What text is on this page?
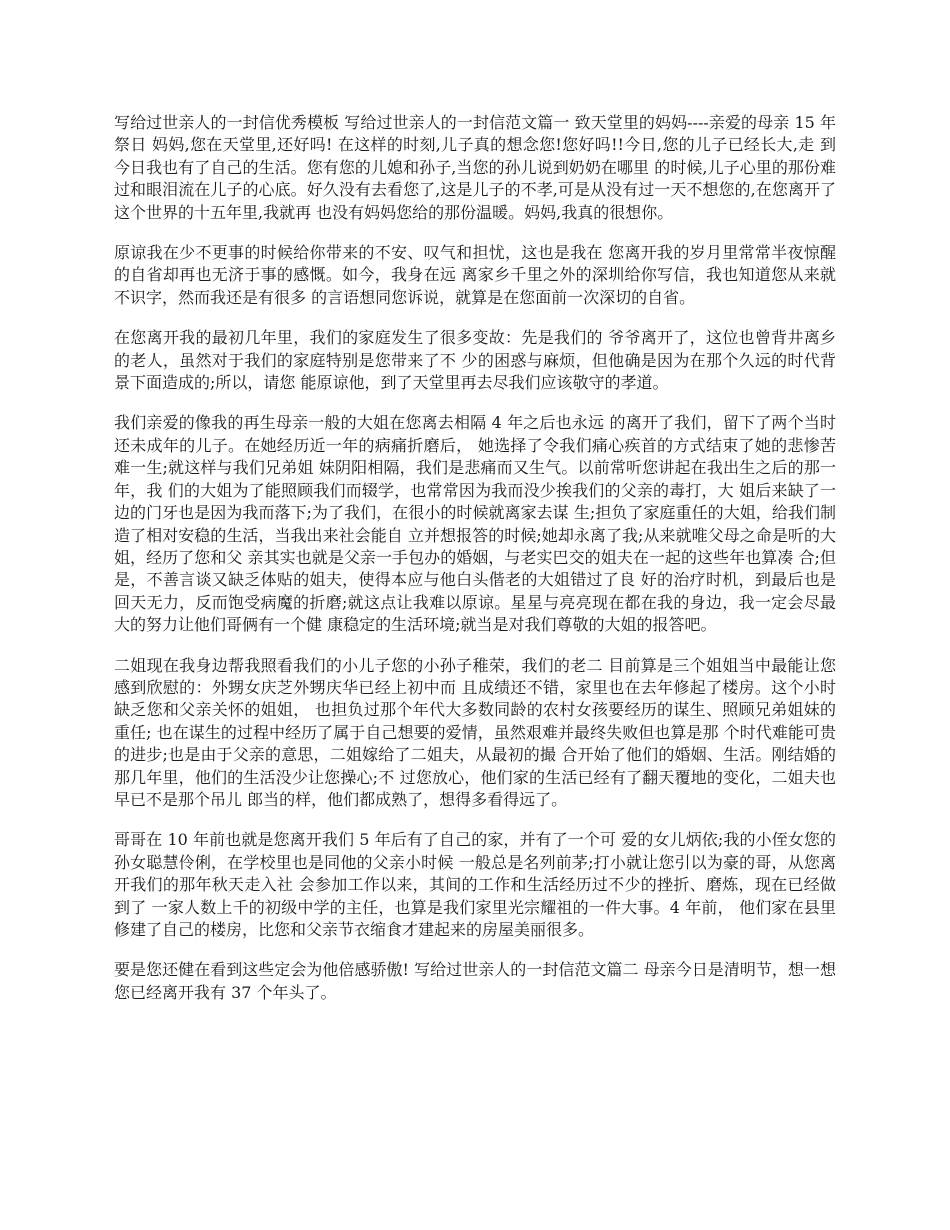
写给过世亲人的一封信优秀模板 写给过世亲人的一封信范文篇一 致天堂里的妈妈----亲爱的母亲 15 年祭日 妈妈,您在天堂里,还好吗! 在这样的时刻,儿子真的想念您!您好吗!!今日,您的儿子已经长大,走 到今日我也有了自己的生活。您有您的儿媳和孙子,当您的孙儿说到奶奶在哪里 的时候,儿子心里的那份难过和眼泪流在儿子的心底。好久没有去看您了,这是儿子的不孝,可是从没有过一天不想您的,在您离开了这个世界的十五年里,我就再 也没有妈妈您给的那份温暖。妈妈,我真的很想你。

原谅我在少不更事的时候给你带来的不安、叹气和担忧，这也是我在 您离开我的岁月里常常半夜惊醒的自省却再也无济于事的感慨。如今，我身在远 离家乡千里之外的深圳给你写信，我也知道您从来就不识字，然而我还是有很多 的言语想同您诉说，就算是在您面前一次深切的自省。

在您离开我的最初几年里，我们的家庭发生了很多变故：先是我们的 爷爷离开了，这位也曾背井离乡的老人，虽然对于我们的家庭特别是您带来了不 少的困惑与麻烦，但他确是因为在那个久远的时代背景下面造成的;所以，请您 能原谅他，到了天堂里再去尽我们应该敬守的孝道。

我们亲爱的像我的再生母亲一般的大姐在您离去相隔 4 年之后也永远 的离开了我们，留下了两个当时还未成年的儿子。在她经历近一年的病痛折磨后， 她选择了令我们痛心疾首的方式结束了她的悲惨苦难一生;就这样与我们兄弟姐 妹阴阳相隔，我们是悲痛而又生气。以前常听您讲起在我出生之后的那一年，我 们的大姐为了能照顾我们而辍学，也常常因为我而没少挨我们的父亲的毒打，大 姐后来缺了一边的门牙也是因为我而落下;为了我们，在很小的时候就离家去谋 生;担负了家庭重任的大姐，给我们制造了相对安稳的生活，当我出来社会能自 立并想报答的时候;她却永离了我;从来就唯父母之命是听的大姐，经历了您和父 亲其实也就是父亲一手包办的婚姻，与老实巴交的姐夫在一起的这些年也算凑 合;但是，不善言谈又缺乏体贴的姐夫，使得本应与他白头偕老的大姐错过了良 好的治疗时机，到最后也是回天无力，反而饱受病魔的折磨;就这点让我难以原谅。星星与亮亮现在都在我的身边，我一定会尽最大的努力让他们哥俩有一个健 康稳定的生活环境;就当是对我们尊敬的大姐的报答吧。

二姐现在我身边帮我照看我们的小儿子您的小孙子稚荣，我们的老二 目前算是三个姐姐当中最能让您感到欣慰的：外甥女庆芝外甥庆华已经上初中而 且成绩还不错，家里也在去年修起了楼房。这个小时缺乏您和父亲关怀的姐姐， 也担负过那个年代大多数同龄的农村女孩要经历的谋生、照顾兄弟姐妹的重任; 也在谋生的过程中经历了属于自己想要的爱情，虽然艰难并最终失败但也算是那 个时代难能可贵的进步;也是由于父亲的意思，二姐嫁给了二姐夫，从最初的撮 合开始了他们的婚姻、生活。刚结婚的那几年里，他们的生活没少让您操心;不 过您放心，他们家的生活已经有了翻天覆地的变化，二姐夫也早已不是那个吊儿 郎当的样，他们都成熟了，想得多看得远了。

哥哥在 10 年前也就是您离开我们 5 年后有了自己的家，并有了一个可 爱的女儿炳依;我的小侄女您的孙女聪慧伶俐，在学校里也是同他的父亲小时候 一般总是名列前茅;打小就让您引以为豪的哥，从您离开我们的那年秋天走入社 会参加工作以来，其间的工作和生活经历过不少的挫折、磨炼，现在已经做到了 一家人数上千的初级中学的主任，也算是我们家里光宗耀祖的一件大事。4 年前， 他们家在县里修建了自己的楼房，比您和父亲节衣缩食才建起来的房屋美丽很多。

要是您还健在看到这些定会为他倍感骄傲! 写给过世亲人的一封信范文篇二 母亲今日是清明节，想一想您已经离开我有 37 个年头了。
